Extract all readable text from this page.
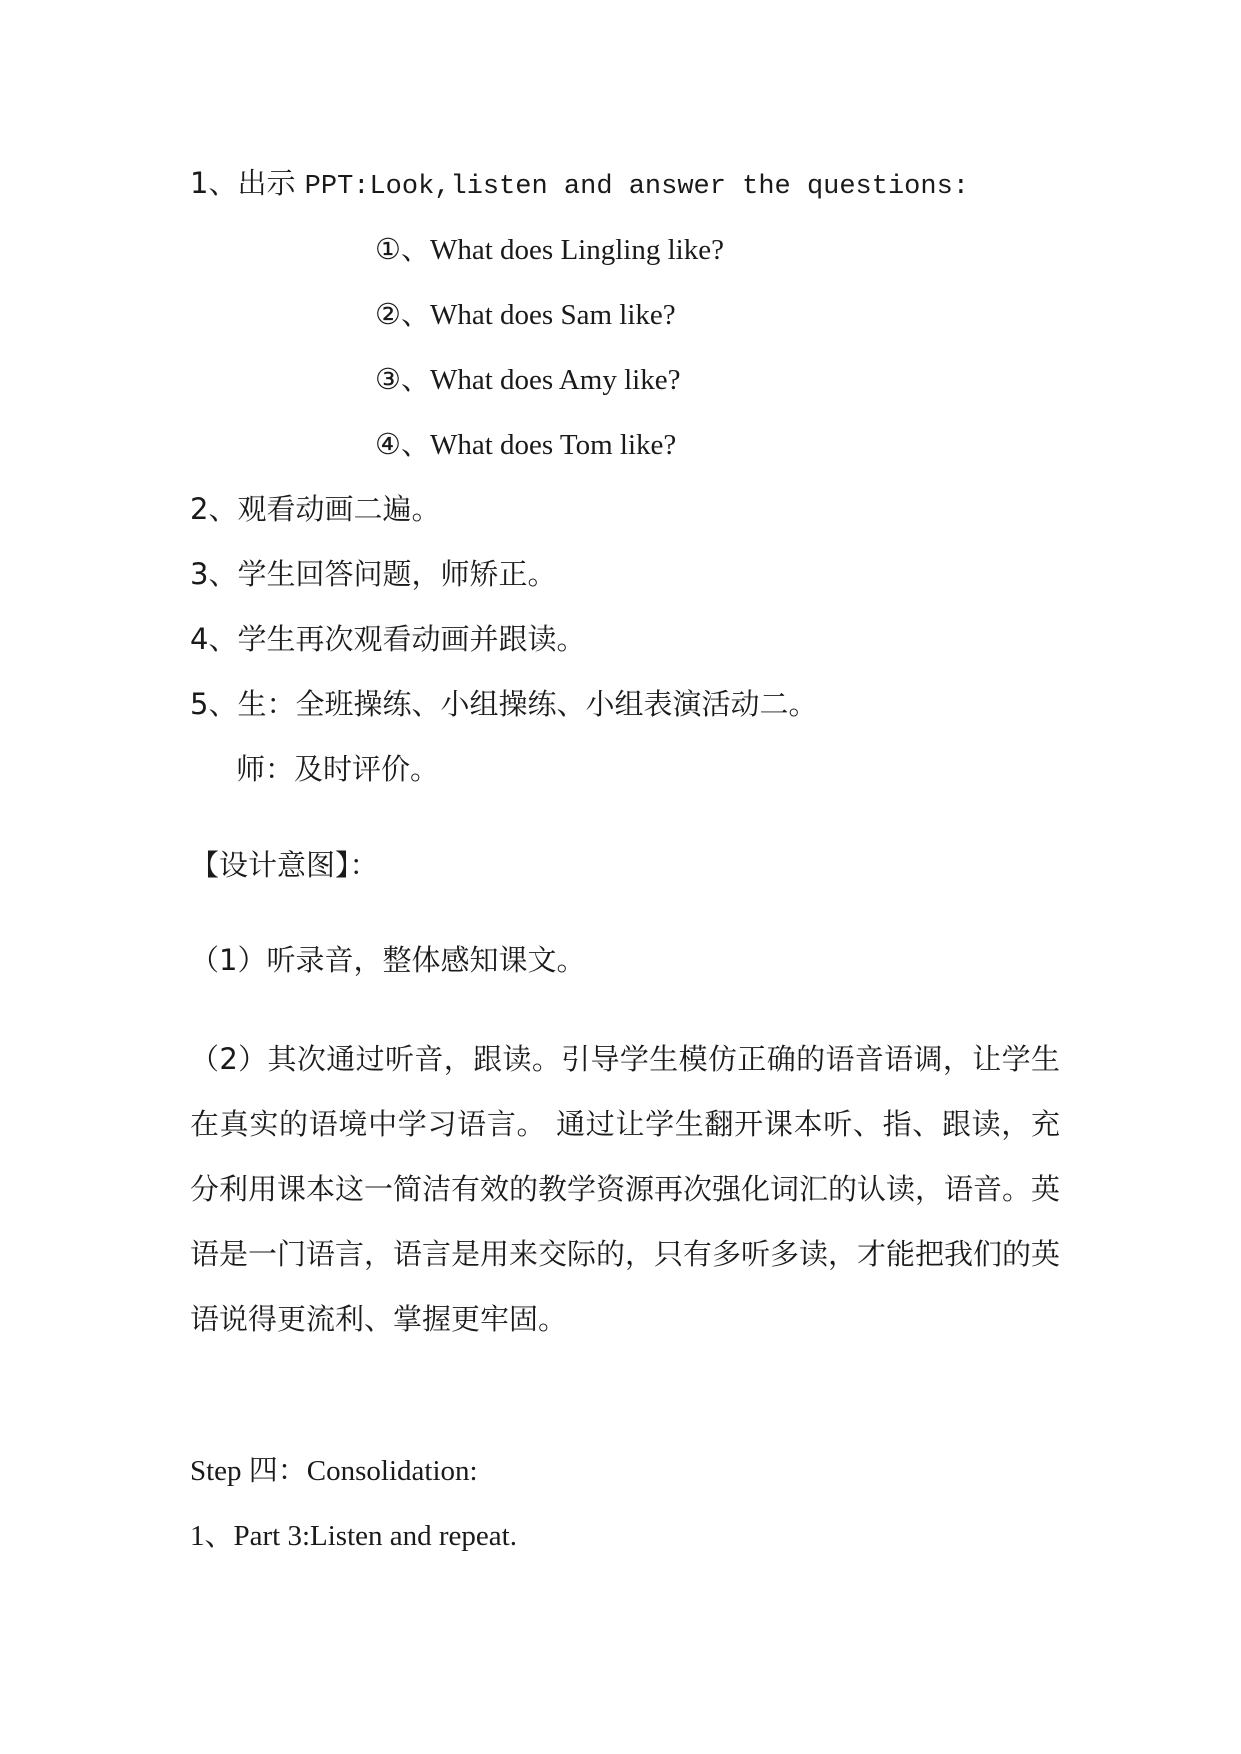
1、出示 PPT:Look,listen and answer the questions:
①、What does Lingling like?
②、What does Sam like?
③、What does Amy like?
④、What does Tom like?
2、观看动画二遍。
3、学生回答问题，师矫正。
4、学生再次观看动画并跟读。
5、生：全班操练、小组操练、小组表演活动二。
师：及时评价。
【设计意图】：
（1）听录音，整体感知课文。
（2）其次通过听音，跟读。引导学生模仿正确的语音语调，让学生在真实的语境中学习语言。 通过让学生翻开课本听、指、跟读，充分利用课本这一简洁有效的教学资源再次强化词汇的认读，语音。英语是一门语言，语言是用来交际的，只有多听多读，才能把我们的英语说得更流利、掌握更牢固。
Step 四：Consolidation:
1、Part 3:Listen and repeat.
